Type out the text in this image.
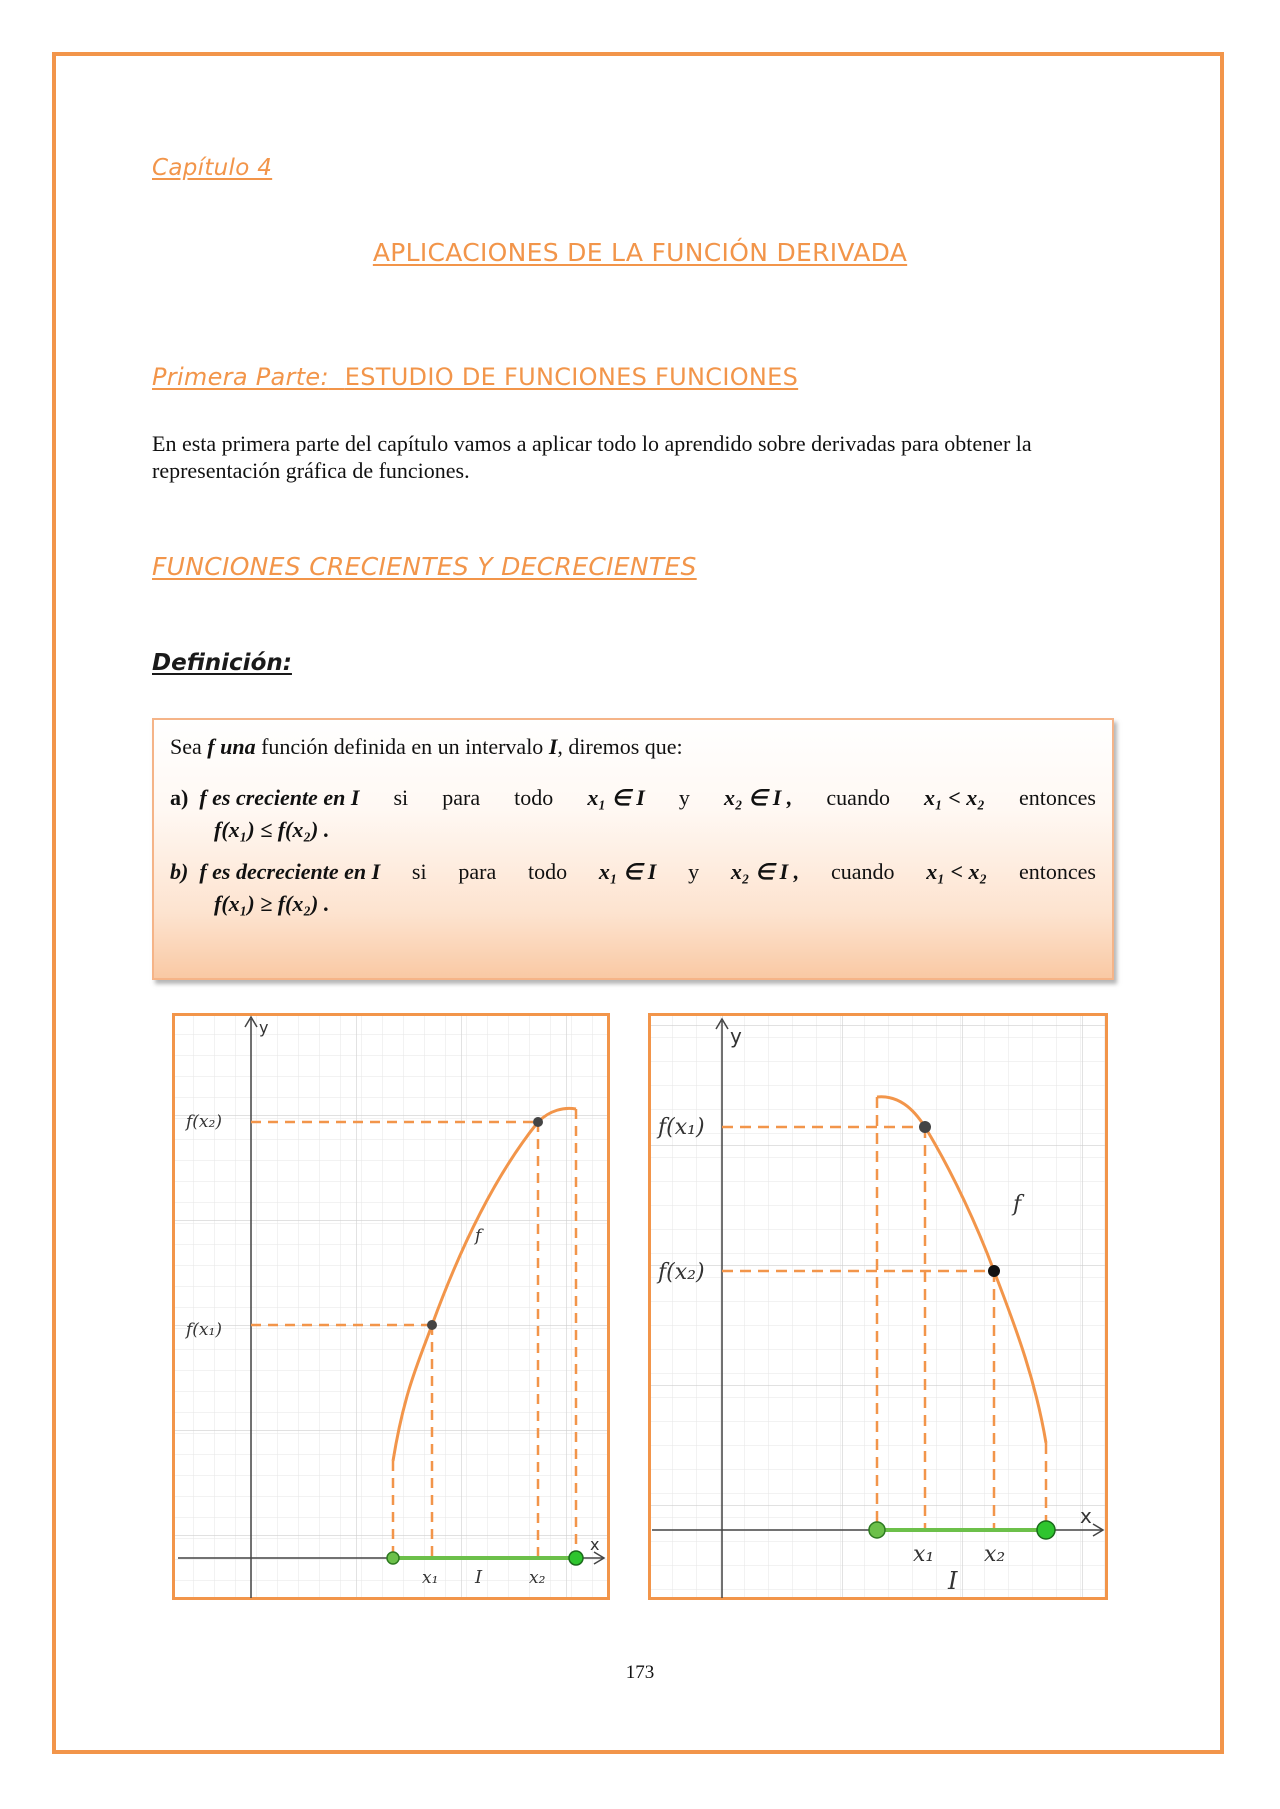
Capítulo 4
APLICACIONES DE LA FUNCIÓN DERIVADA
Primera Parte: ESTUDIO DE FUNCIONES FUNCIONES
En esta primera parte del capítulo vamos a aplicar todo lo aprendido sobre derivadas para obtener la representación gráfica de funciones.
FUNCIONES CRECIENTES Y DECRECIENTES
Definición:

Sea f una función definida en un intervalo I, diremos que:

a) f es creciente en I si para todo x₁ ∈ I y x₂ ∈ I , cuando x₁ < x₂ entonces
f(x₁) ≤ f(x₂) .
b) f es decreciente en I si para todo x₁ ∈ I y x₂ ∈ I , cuando x₁ < x₂ entonces
f(x₁) ≥ f(x₂) .
y
x
f(x₂)
f(x₁)
f
x₁ I	x₂
y
x
f(x₁)
f(x₂)
f
x₁ x₂
I
173
